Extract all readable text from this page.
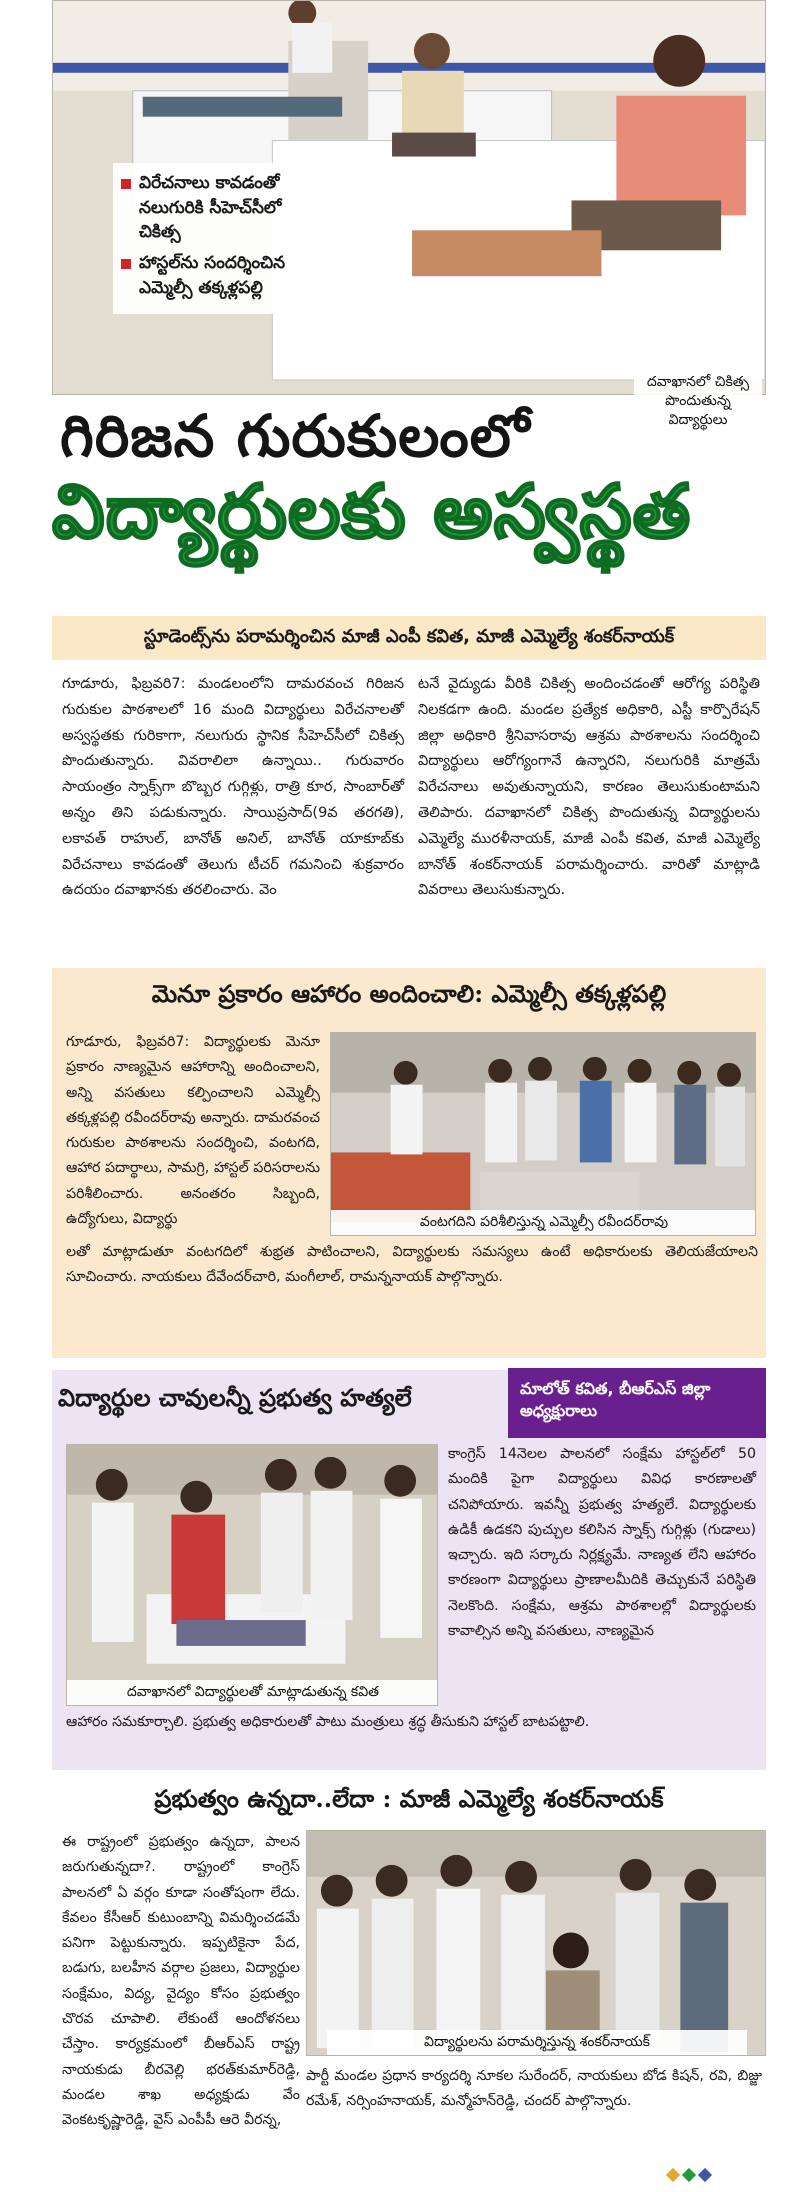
విరేచనాలు కావడంతో నలుగురికి సీహెచ్‌సీలో చికిత్స
హాస్టల్‌ను సందర్శించిన ఎమ్మెల్సీ తక్కళ్లపల్లి
దవాఖానలో చికిత్స పొందుతున్న విద్యార్థులు
గిరిజన గురుకులంలో
విద్యార్థులకు అస్వస్థత
స్టూడెంట్స్‌ను పరామర్శించిన మాజీ ఎంపీ కవిత, మాజీ ఎమ్మెల్యే శంకర్‌నాయక్
గూడూరు, ఫిబ్రవరి7: మండలంలోని దామరవంచ గిరిజన గురుకుల పాఠశాలలో 16 మంది విద్యార్థులు విరేచనాలతో అస్వస్థతకు గురికాగా, నలుగురు స్థానిక సీహెచ్‌సీలో చికిత్స పొందుతున్నారు. వివరాలిలా ఉన్నాయి.. గురువారం సాయంత్రం స్నాక్స్‌గా బొబ్బర గుగ్గిళ్లు, రాత్రి కూర, సాంబార్‌తో అన్నం తిని పడుకున్నారు. సాయిప్రసాద్‌(9వ తరగతి), లకావత్‌ రాహుల్‌, బానోత్‌ అనిల్‌, బానోత్‌ యాకూబ్‌కు విరేచనాలు కావడంతో తెలుగు టీచర్‌ గమనించి శుక్రవారం ఉదయం దవాఖానకు తరలించారు. వెం
టనే వైద్యుడు వీరికి చికిత్స అందించడంతో ఆరోగ్య పరిస్థితి నిలకడగా ఉంది. మండల ప్రత్యేక అధికారి, ఎస్టీ కార్పొరేషన్‌ జిల్లా అధికారి శ్రీనివాసరావు ఆశ్రమ పాఠశాలను సందర్శించి విద్యార్థులు ఆరోగ్యంగానే ఉన్నారని, నలుగురికి మాత్రమే విరేచనాలు అవుతున్నాయని, కారణం తెలుసుకుంటామని తెలిపారు. దవాఖానలో చికిత్స పొందుతున్న విద్యార్థులను ఎమ్మెల్యే మురళీనాయక్‌, మాజీ ఎంపీ కవిత, మాజీ ఎమ్మెల్యే బానోత్‌ శంకర్‌నాయక్‌ పరామర్శించారు. వారితో మాట్లాడి వివరాలు తెలుసుకున్నారు.
మెనూ ప్రకారం ఆహారం అందించాలి: ఎమ్మెల్సీ తక్కళ్లపల్లి
గూడూరు, ఫిబ్రవరి7: విద్యార్థులకు మెనూ ప్రకారం నాణ్యమైన ఆహారాన్ని అందించాలని, అన్ని వసతులు కల్పించాలని ఎమ్మెల్సీ తక్కళ్లపల్లి రవీందర్‌రావు అన్నారు. దామరవంచ గురుకుల పాఠశాలను సందర్శించి, వంటగది, ఆహార పదార్థాలు, సామగ్రి, హాస్టల్‌ పరిసరాలను పరిశీలించారు. అనంతరం సిబ్బంది, ఉద్యోగులు, విద్యార్థు	వంటగదిని పరిశీలిస్తున్న ఎమ్మెల్సీ రవీందర్‌రావు
లతో మాట్లాడుతూ వంటగదిలో శుభ్రత పాటించాలని, విద్యార్థులకు సమస్యలు ఉంటే అధికారులకు తెలియజేయాలని సూచించారు. నాయకులు దేవేందర్‌చారి, మంగీలాల్‌, రామన్ననాయక్‌ పాల్గొన్నారు.
విద్యార్థుల చావులన్నీ ప్రభుత్వ హత్యలే	మాలోత్‌ కవిత, బీఆర్‌ఎస్‌ జిల్లా అధ్యక్షురాలు
దవాఖానలో విద్యార్థులతో మాట్లాడుతున్న కవిత
కాంగ్రెస్‌ 14నెలల పాలనలో సంక్షేమ హాస్టల్‌లో 50 మందికి పైగా విద్యార్థులు వివిధ కారణాలతో చనిపోయారు. ఇవన్నీ ప్రభుత్వ హత్యలే. విద్యార్థులకు ఉడికీ ఉడకని పుచ్చుల కలిసిన స్నాక్స్‌ గుగ్గిళ్లు (గుడాలు) ఇచ్చారు. ఇది సర్కారు నిర్లక్ష్యమే. నాణ్యత లేని ఆహారం కారణంగా విద్యార్థులు ప్రాణాలమీదికి తెచ్చుకునే పరిస్థితి నెలకొంది. సంక్షేమ, ఆశ్రమ పాఠశాలల్లో విద్యార్థులకు కావాల్సిన అన్ని వసతులు, నాణ్యమైన
ఆహారం సమకూర్చాలి. ప్రభుత్వ అధికారులతో పాటు మంత్రులు శ్రద్ధ తీసుకుని హాస్టల్‌ బాటపట్టాలి.
ప్రభుత్వం ఉన్నదా..లేదా : మాజీ ఎమ్మెల్యే శంకర్‌నాయక్‌
ఈ రాష్ట్రంలో ప్రభుత్వం ఉన్నదా, పాలన జరుగుతున్నదా?. రాష్ట్రంలో కాంగ్రెస్‌ పాలనలో ఏ వర్గం కూడా సంతోషంగా లేదు. కేవలం కేసీఆర్‌ కుటుంబాన్ని విమర్శించడమే పనిగా పెట్టుకున్నారు. ఇప్పటికైనా పేద, బడుగు, బలహీన వర్గాల ప్రజలు, విద్యార్థుల సంక్షేమం, విద్య, వైద్యం కోసం ప్రభుత్వం చొరవ చూపాలి. లేకుంటే ఆందోళనలు చేస్తాం. కార్యక్రమంలో బీఆర్‌ఎస్‌ రాష్ట్ర నాయకుడు బీరవెల్లి భరత్‌కుమార్‌రెడ్డి, మండల శాఖ అధ్యక్షుడు వేం వెంకటకృష్ణారెడ్డి, వైస్‌ ఎంపీపీ ఆరె వీరన్న,
విద్యార్థులను పరామర్శిస్తున్న శంకర్‌నాయక్‌
పార్టీ మండల ప్రధాన కార్యదర్శి నూకల సురేందర్‌, నాయకులు బోడ కిషన్‌, రవి, బిజ్జు రమేశ్‌, నర్సింహనాయక్‌, మన్మోహన్‌రెడ్డి, చందర్‌ పాల్గొన్నారు.
